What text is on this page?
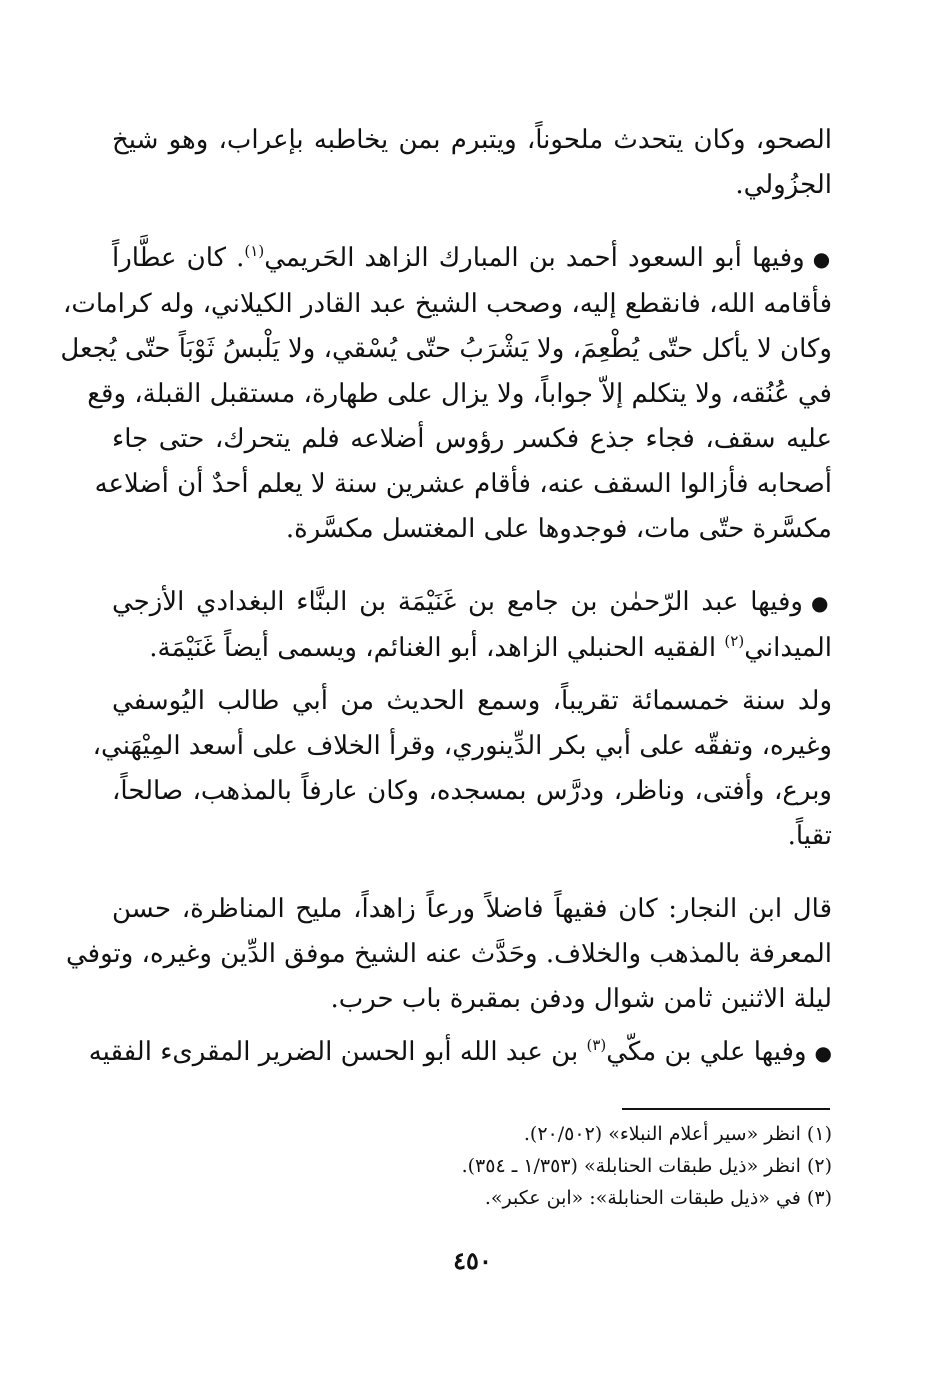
الصحو، وكان يتحدث ملحوناً، ويتبرم بمن يخاطبه بإعراب، وهو شيخ
الجزُولي.

●وفيها أبو السعود أحمد بن المبارك الزاهد الحَريمي$^{(١)}$. كان عطَّاراً
فأقامه الله، فانقطع إليه، وصحب الشيخ عبد القادر الكيلاني، وله كرامات،
وكان لا يأكل حتّى يُطْعِمَ، ولا يَشْرَبُ حتّى يُسْقي، ولا يَلْبسُ ثَوْبَاً حتّى يُجعل
في عُنُقه، ولا يتكلم إلاّ جواباً، ولا يزال على طهارة، مستقبل القبلة، وقع
عليه سقف، فجاء جذع فكسر رؤوس أضلاعه فلم يتحرك، حتى جاء
أصحابه فأزالوا السقف عنه، فأقام عشرين سنة لا يعلم أحدٌ أن أضلاعه
مكسَّرة حتّى مات، فوجدوها على المغتسل مكسَّرة.

●وفيها عبد الرّحمٰن بن جامع بن غَنَيْمَة بن البنَّاء البغدادي الأزجي
الميداني$^{(٢)}$ الفقيه الحنبلي الزاهد، أبو الغنائم، ويسمى أيضاً غَنَيْمَة.

ولد سنة خمسمائة تقريباً، وسمع الحديث من أبي طالب اليُوسفي
وغيره، وتفقّه على أبي بكر الدِّينوري، وقرأ الخلاف على أسعد المِيْهَني،
وبرع، وأفتى، وناظر، ودرَّس بمسجده، وكان عارفاً بالمذهب، صالحاً،
تقياً.

قال ابن النجار: كان فقيهاً فاضلاً ورعاً زاهداً، مليح المناظرة، حسن
المعرفة بالمذهب والخلاف. وحَدَّث عنه الشيخ موفق الدِّين وغيره، وتوفي
ليلة الاثنين ثامن شوال ودفن بمقبرة باب حرب.

●وفيها علي بن مكّي$^{(٣)}$ بن عبد الله أبو الحسن الضرير المقرىء الفقيه

(١) انظر «سير أعلام النبلاء» (٢٠/٥٠٢).
(٢) انظر «ذيل طبقات الحنابلة» (١/٣٥٣ ـ ٣٥٤).
(٣) في «ذيل طبقات الحنابلة»: «ابن عكبر».
٤٥٠
